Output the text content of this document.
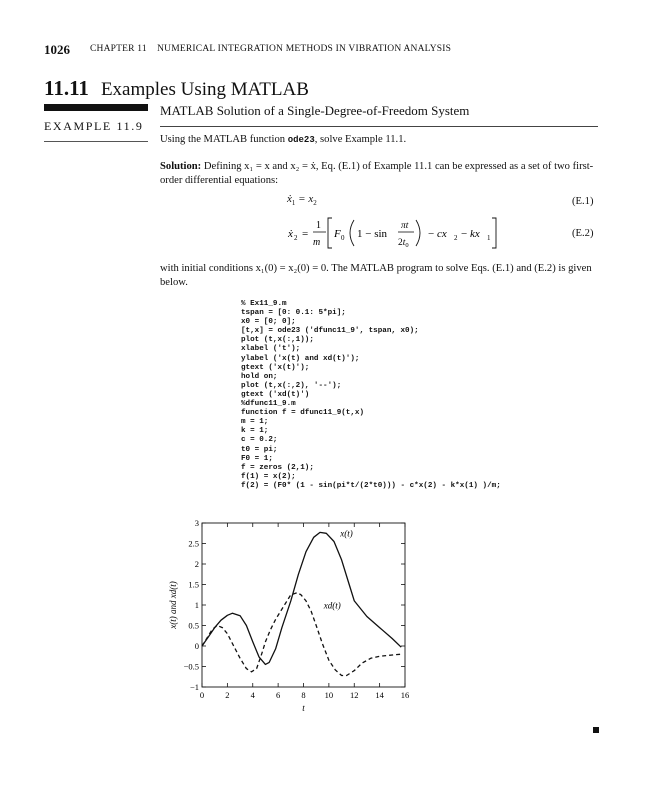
1026 CHAPTER 11    NUMERICAL INTEGRATION METHODS IN VIBRATION ANALYSIS
11.11 Examples Using MATLAB
EXAMPLE 11.9
MATLAB Solution of a Single-Degree-of-Freedom System
Using the MATLAB function ode23, solve Example 11.1.
Solution: Defining x₁ = x and x₂ = ẋ, Eq. (E.1) of Example 11.1 can be expressed as a set of two first-order differential equations:
ẋ$_1$ = $x_2$	(E.1)
ẋ 2 =
1
m
F 0 1 − sin
πt
$2t_0$
− cx 2 − kx 1	(E.2)
with initial conditions x₁(0) = x₂(0) = 0. The MATLAB program to solve Eqs. (E.1) and (E.2) is given below.
% Ex11_9.m
tspan = [0: 0.1: 5*pi];
x0 = [0; 0];
[t,x] = ode23 ('dfunc11_9', tspan, x0);
plot (t,x(:,1));
xlabel ('t');
ylabel ('x(t) and xd(t)');
gtext ('x(t)');
hold on;
plot (t,x(:,2), '--');
gtext ('xd(t)')
%dfunc11_9.m
function f = dfunc11_9(t,x)
m = 1;
k = 1;
c = 0.2;
t0 = pi;
F0 = 1;
f = zeros (2,1);
f(1) = x(2);
f(2) = (F0* (1 - sin(pi*t/(2*t0))) - c*x(2) - k*x(1) )/m;
0 2 4 6 8 10 12 14 16
−1
−0.5
0
0.5
1
1.5
2
2.5
3
x(t)
xd(t)
t
x(t) and xd(t)
